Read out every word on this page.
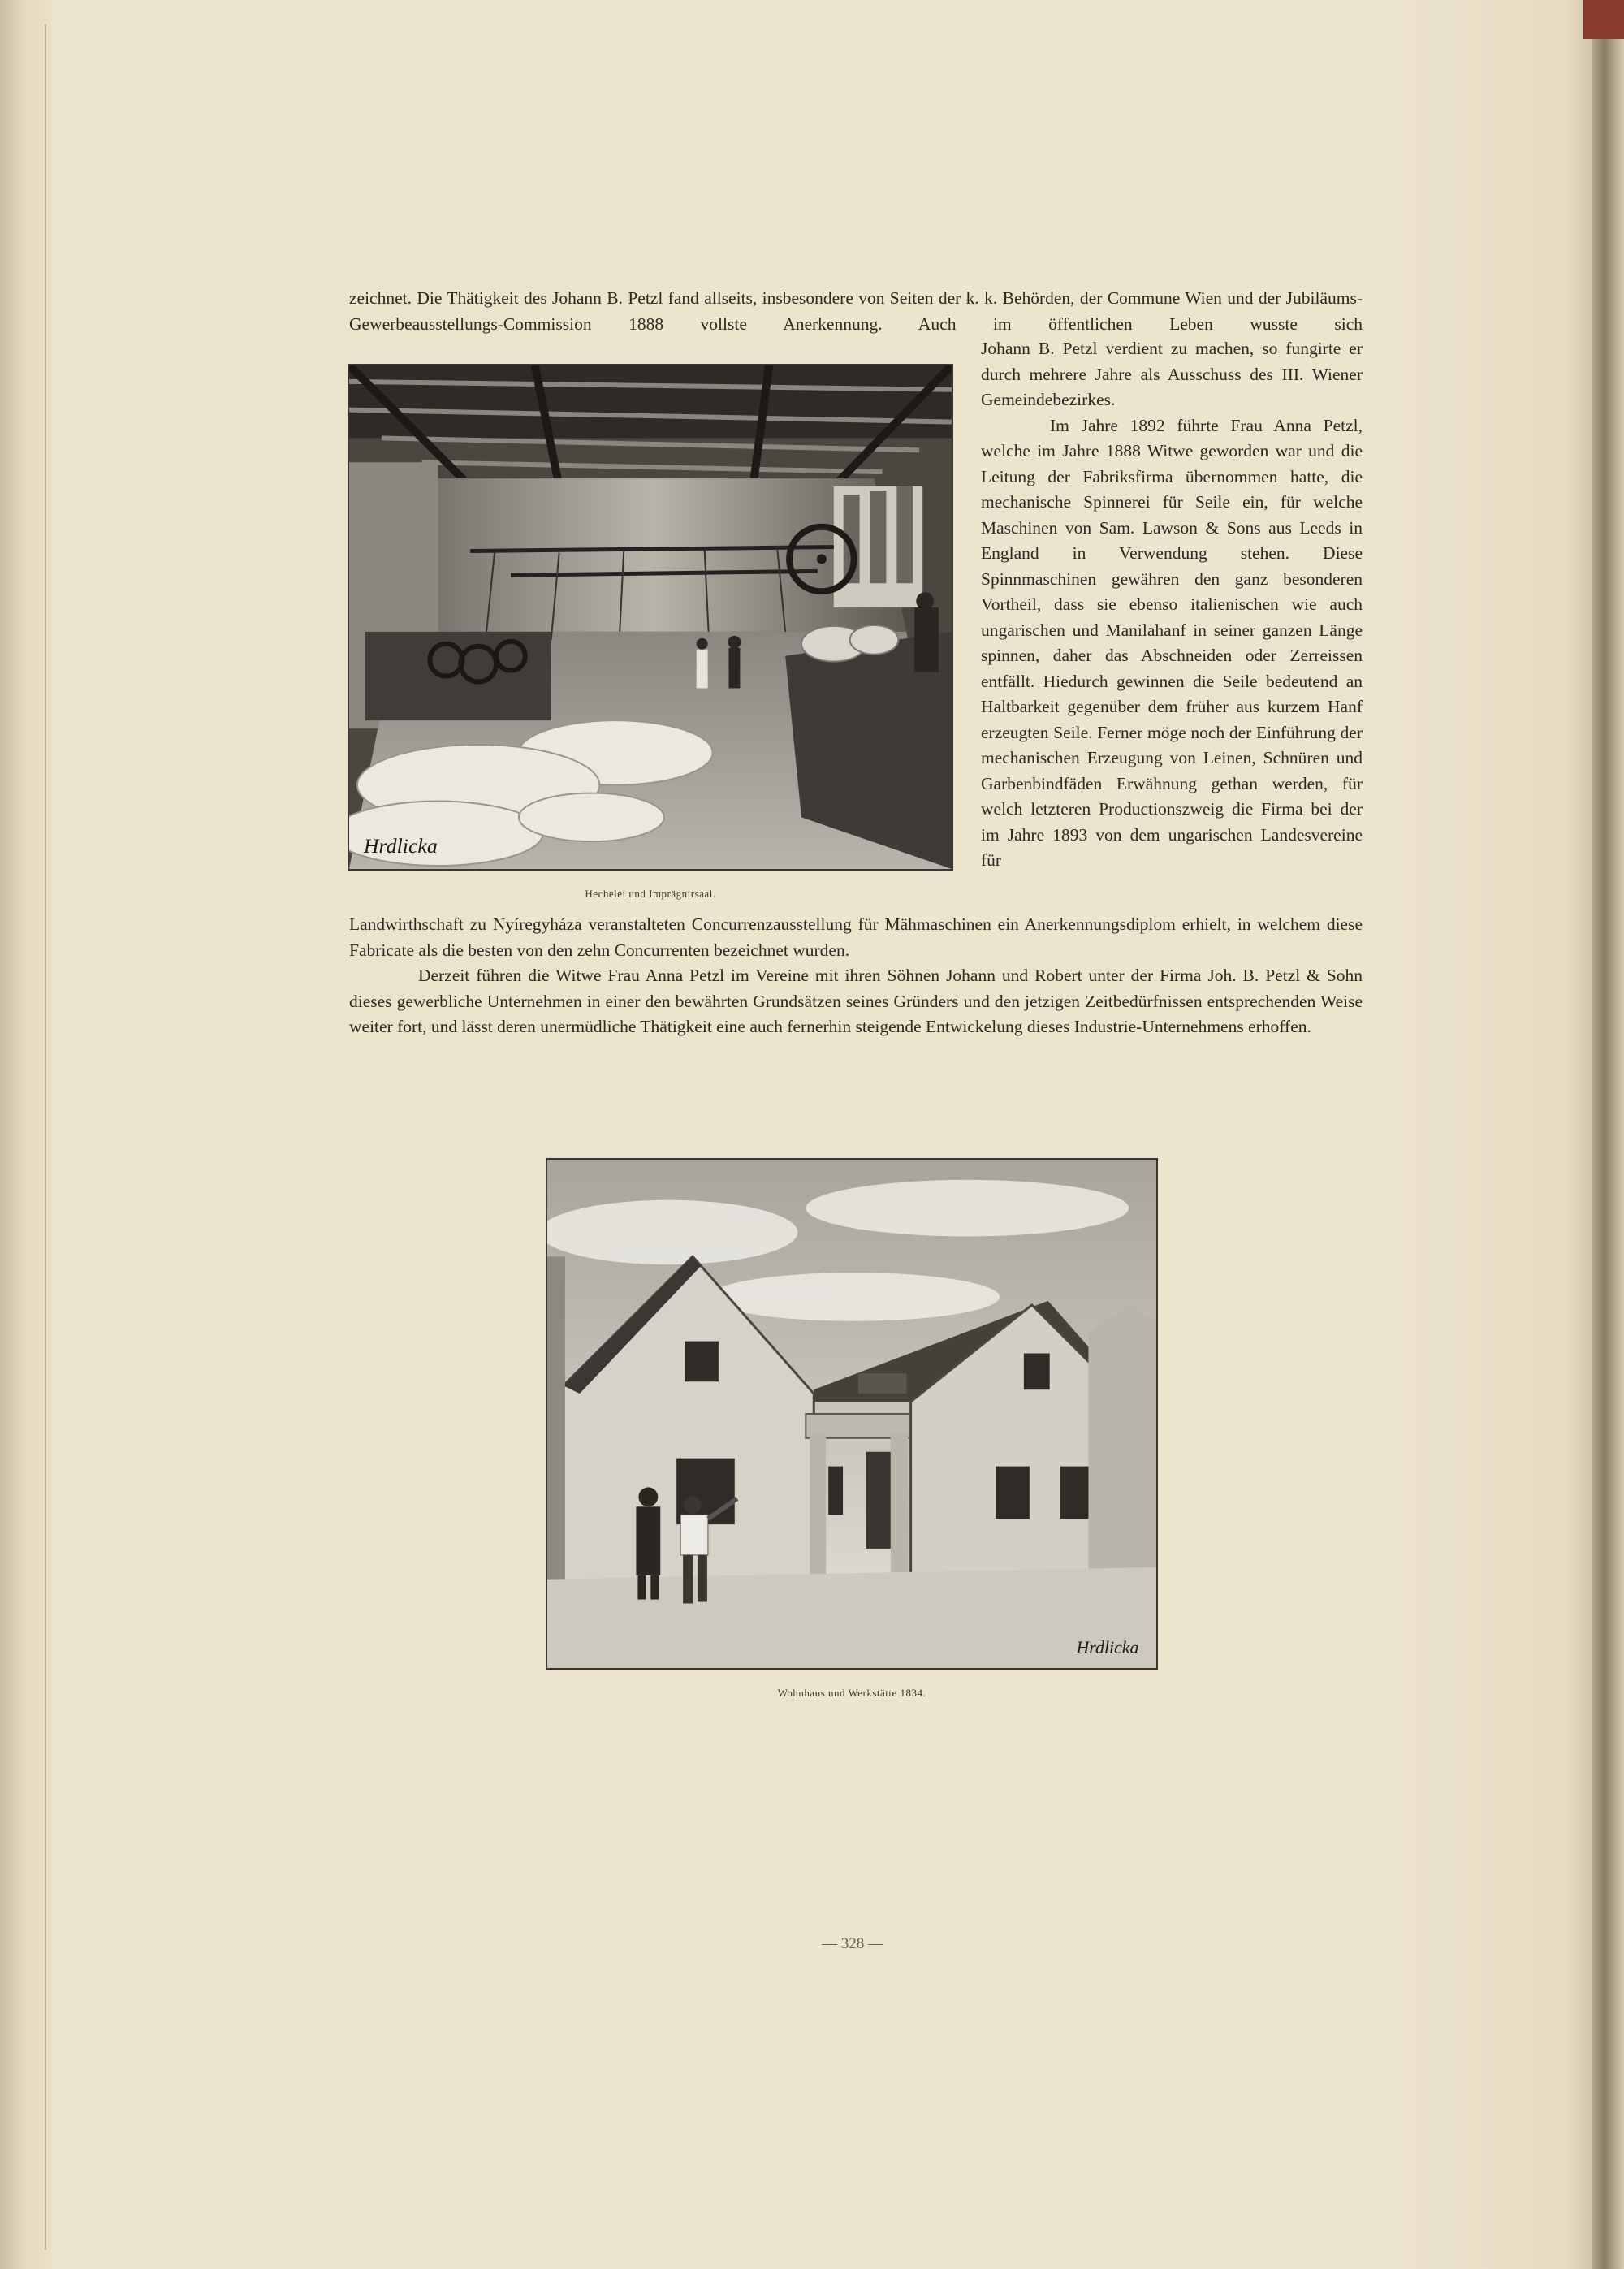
zeichnet. Die Thätigkeit des Johann B. Petzl fand allseits, insbesondere von Seiten der k. k. Behörden, der Commune Wien und der Jubiläums-Gewerbeausstellungs-Commission 1888 vollste Anerkennung. Auch im öffentlichen Leben wusste sich

Hrdlicka
Hechelei und Imprägnirsaal.

Johann B. Petzl verdient zu machen, so fungirte er durch mehrere Jahre als Ausschuss des III. Wiener Gemeindebezirkes.

Im Jahre 1892 führte Frau Anna Petzl, welche im Jahre 1888 Witwe geworden war und die Leitung der Fabriksfirma übernommen hatte, die mechanische Spinnerei für Seile ein, für welche Maschinen von Sam. Lawson & Sons aus Leeds in England in Verwendung stehen. Diese Spinnmaschinen gewähren den ganz besonderen Vortheil, dass sie ebenso italienischen wie auch ungarischen und Manilahanf in seiner ganzen Länge spinnen, daher das Abschneiden oder Zerreissen entfällt. Hiedurch gewinnen die Seile bedeutend an Haltbarkeit gegenüber dem früher aus kurzem Hanf erzeugten Seile. Ferner möge noch der Einführung der mechanischen Erzeugung von Leinen, Schnüren und Garbenbindfäden Erwähnung gethan werden, für welch letzteren Productionszweig die Firma bei der im Jahre 1893 von dem ungarischen Landesvereine für

Landwirthschaft zu Nyíregyháza veranstalteten Concurrenzausstellung für Mähmaschinen ein Anerkennungsdiplom erhielt, in welchem diese Fabricate als die besten von den zehn Concurrenten bezeichnet wurden.

Derzeit führen die Witwe Frau Anna Petzl im Vereine mit ihren Söhnen Johann und Robert unter der Firma Joh. B. Petzl & Sohn dieses gewerbliche Unternehmen in einer den bewährten Grundsätzen seines Gründers und den jetzigen Zeitbedürfnissen entsprechenden Weise weiter fort, und lässt deren unermüdliche Thätigkeit eine auch fernerhin steigende Entwickelung dieses Industrie-Unternehmens erhoffen.

Hrdlicka
Wohnhaus und Werkstätte 1834.
— 328 —
